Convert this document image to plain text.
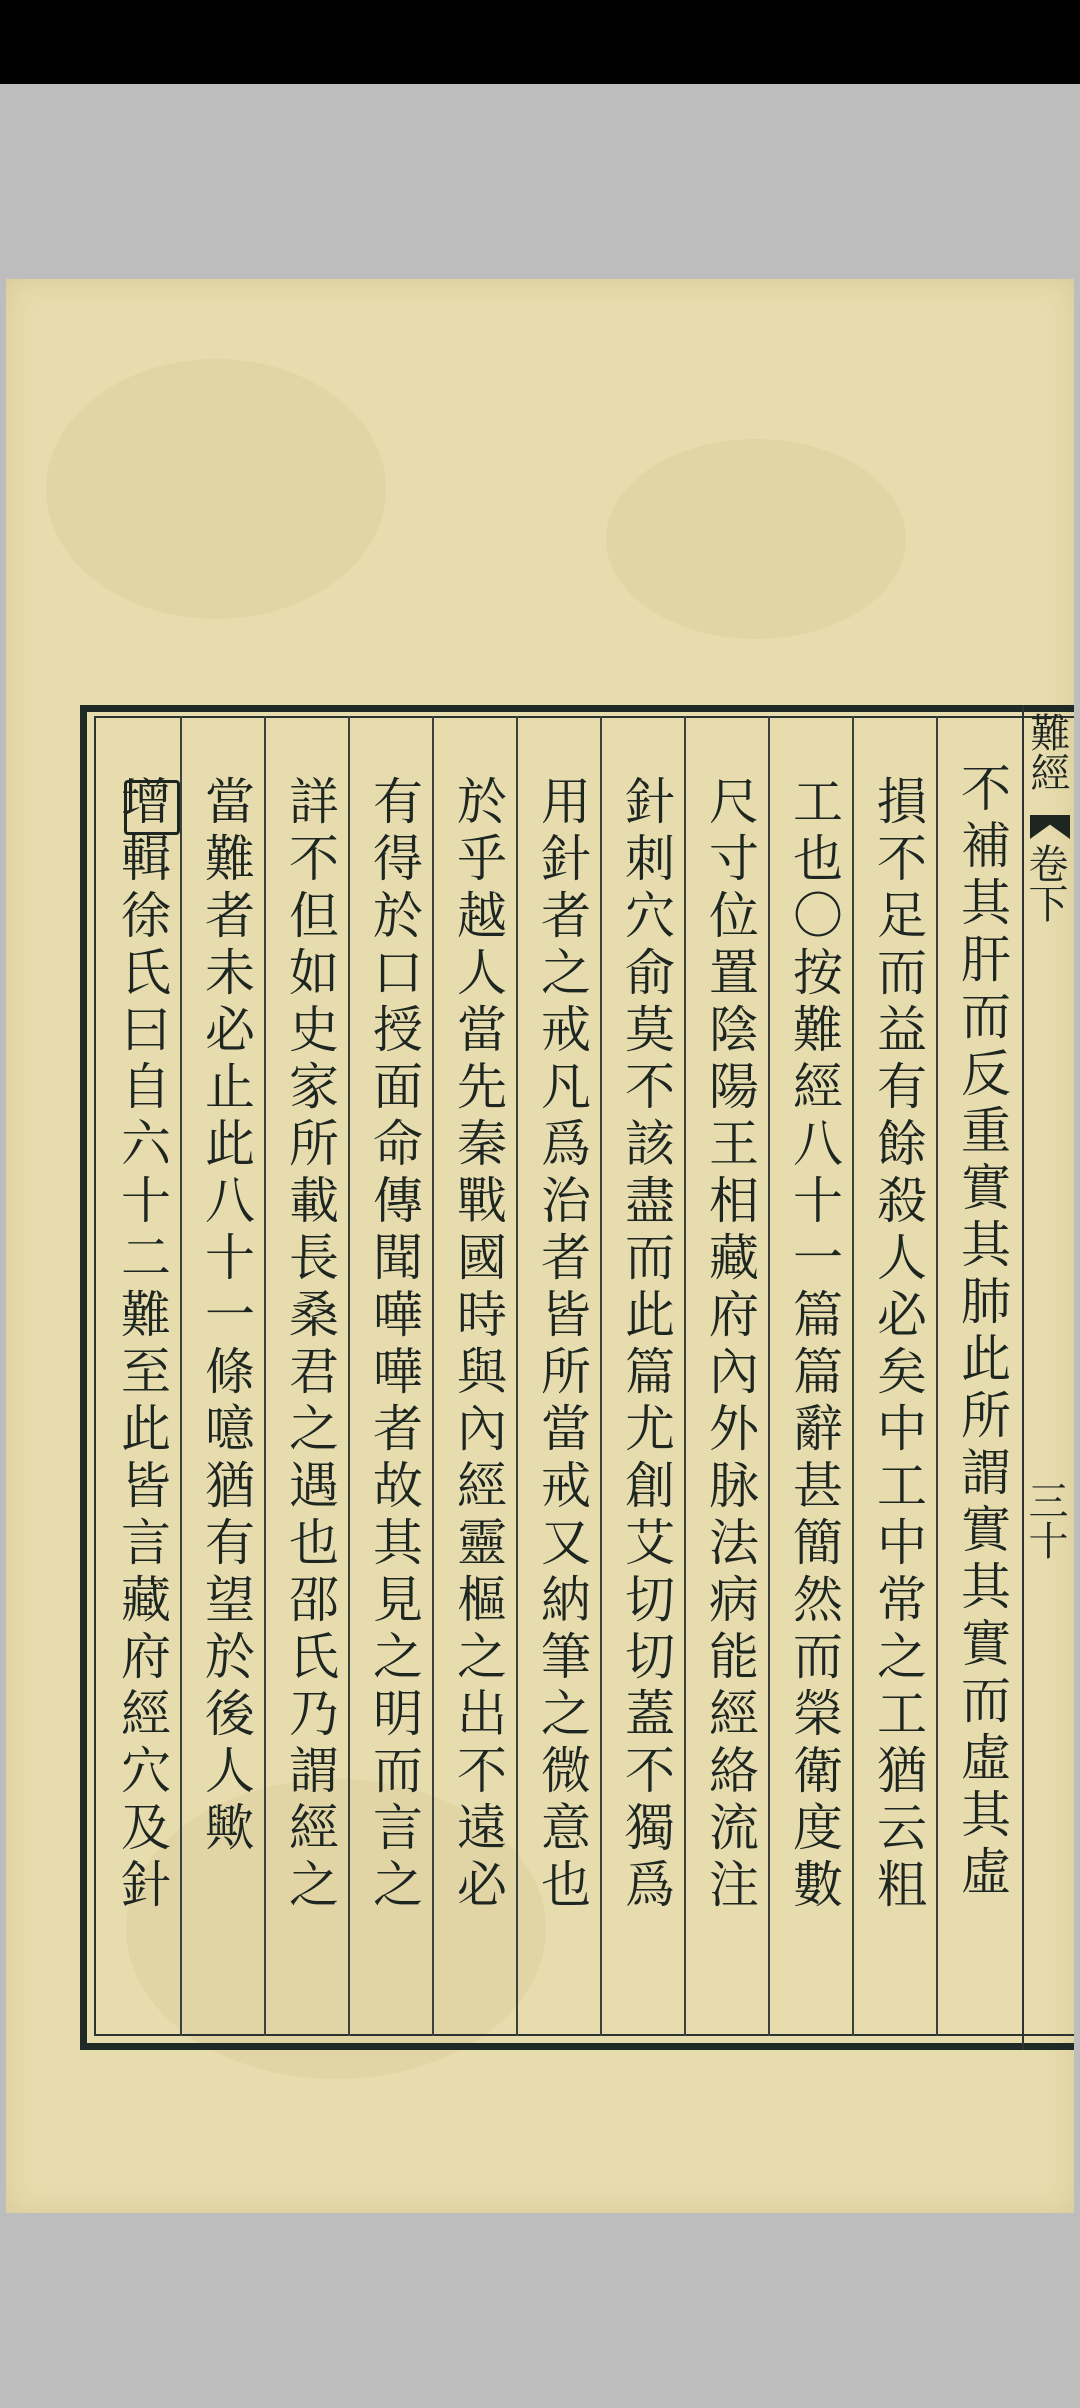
難經
卷下
三十
不補其肝而反重實其肺此所謂實其實而虛其虛
損不足而益有餘殺人必矣中工中常之工猶云粗
工也〇按難經八十一篇篇辭甚簡然而榮衛度數
尺寸位置陰陽王相藏府內外脉法病能經絡流注
針刺穴俞莫不該盡而此篇尤創艾切切蓋不獨爲
用針者之戒凡爲治者皆所當戒又納筆之微意也
於乎越人當先秦戰國時與內經靈樞之出不遠必
有得於口授面命傳聞嘩嘩者故其見之明而言之
詳不但如史家所載長桑君之遇也邵氏乃謂經之
當難者未必止此八十一條噫猶有望於後人歟
增輯徐氏曰自六十二難至此皆言藏府經穴及針
